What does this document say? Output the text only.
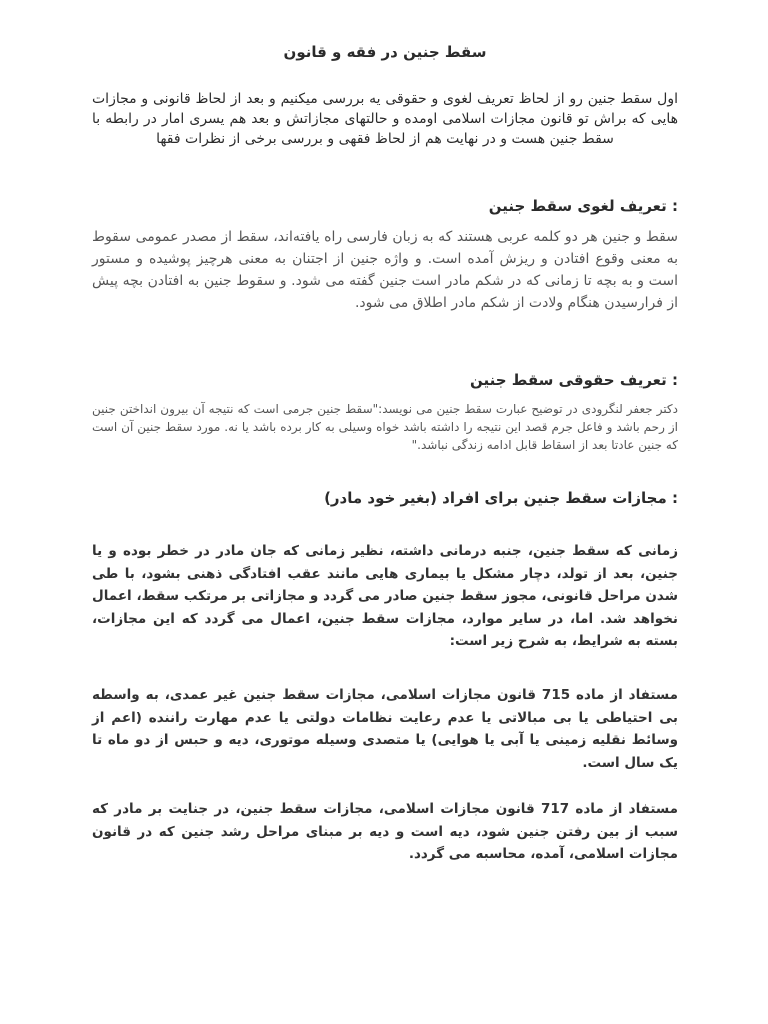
سقط جنین در فقه و قانون

اول سقط جنین رو از لحاظ تعریف لغوی و حقوقی یه بررسی میکنیم و بعد از لحاظ قانونی و مجازات هایی که براش تو قانون مجازات اسلامی اومده و حالتهای مجازاتش و بعد هم یسری امار در رابطه با سقط جنین هست و در نهایت هم از لحاظ فقهی و بررسی برخی از نظرات فقها

: تعریف لغوی سقط جنین

سقط و جنین هر دو کلمه عربی هستند که به زبان فارسی راه یافته‌اند، سقط از مصدر عمومی سقوط به معنی وقوع افتادن و ریزش آمده است. و واژه جنین از اجتنان به معنی هرچیز پوشیده و مستور است و به بچه تا زمانی که در شکم مادر است جنین گفته می شود. و سقوط جنین به افتادن بچه پیش از فرارسیدن هنگام ولادت از شکم مادر اطلاق می شود.

: تعریف حقوقی سقط جنین

دکتر جعفر لنگرودی در توضیح عبارت سقط جنین می نویسد:"سقط جنین جرمی است که نتیجه آن بیرون انداختن جنین از رحم باشد و فاعل جرم قصد این نتیجه را داشته باشد خواه وسیلی به کار برده باشد یا نه. مورد سقط جنین آن است که جنین عادتا بعد از اسقاط قابل ادامه زندگی نباشد."

: مجازات سقط جنین برای افراد (بغیر خود مادر)

زمانی که سقط جنین، جنبه درمانی داشته، نظیر زمانی که جان مادر در خطر بوده و یا جنین، بعد از تولد، دچار مشکل یا بیماری هایی مانند عقب افتادگی ذهنی بشود، با طی شدن مراحل قانونی، مجوز سقط جنین صادر می گردد و مجازاتی بر مرتکب سقط، اعمال نخواهد شد. اما، در سایر موارد، مجازات سقط جنین، اعمال می گردد که این مجازات، بسته به شرایط، به شرح زیر است:

مستفاد از ماده 715 قانون مجازات اسلامی، مجازات سقط جنین غیر عمدی، به واسطه بی احتیاطی یا بی مبالاتی یا عدم رعایت نظامات دولتی یا عدم مهارت راننده (اعم از وسائط نقلیه زمینی یا آبی یا هوایی) یا متصدی وسیله موتوری، دیه و حبس از دو ماه تا یک سال است.

مستفاد از ماده 717 قانون مجازات اسلامی، مجازات سقط جنین، در جنایت بر مادر که سبب از بین رفتن جنین شود، دیه است و دیه بر مبنای مراحل رشد جنین که در قانون مجازات اسلامی، آمده، محاسبه می گردد.
